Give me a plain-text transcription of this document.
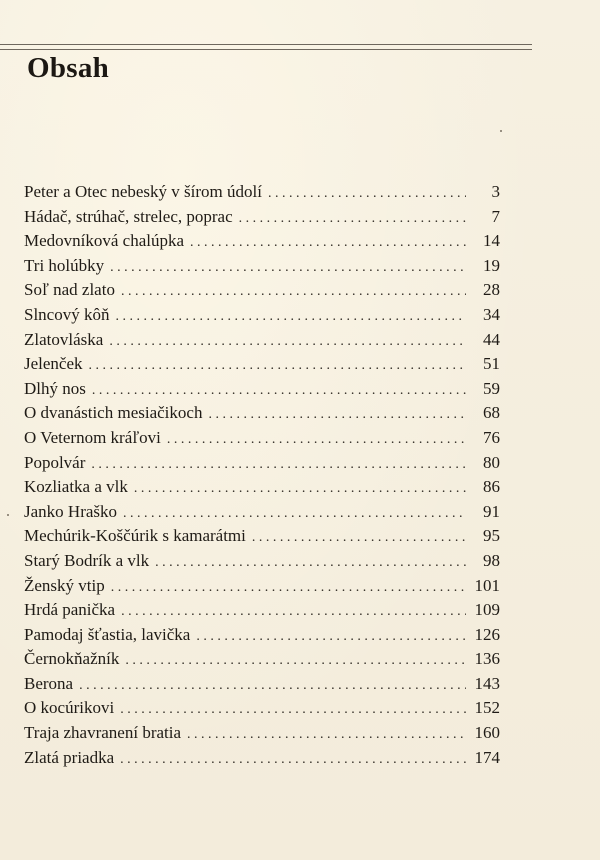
Obsah
Peter a Otec nebeský v šírom údolí . . .	3
Hádač, strúhač, strelec, poprac . . .	7
Medovníková chalúpka . . .	14
Tri holúbky . . .	19
Soľ nad zlato . . .	28
Slncový kôň . . .	34
Zlatovláska . . .	44
Jelenček . . .	51
Dlhý nos . . .	59
O dvanástich mesiačikoch . . .	68
O Veternom kráľovi . . .	76
Popolvár . . .	80
Kozliatka a vlk . . .	86
Janko Hraško . . .	91
Mechúrik-Koščúrik s kamarátmi . . .	95
Starý Bodrík a vlk . . .	98
Ženský vtip . . .	101
Hrdá panička . . .	109
Pamodaj šťastia, lavička . . .	126
Černokňažník . . .	136
Berona . . .	143
O kocúrikovi . . .	152
Traja zhavranení bratia . . .	160
Zlatá priadka . . .	174
